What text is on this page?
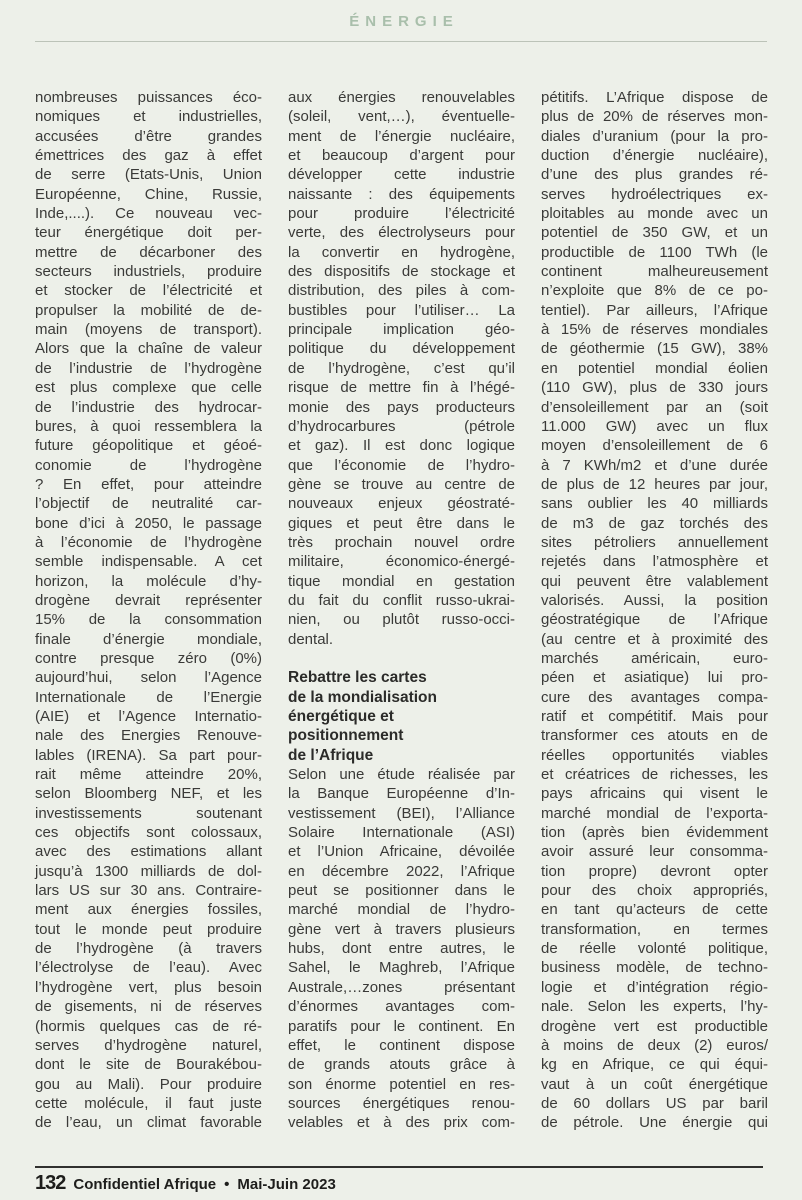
ÉNERGIE
nombreuses puissances éco-
nomiques et industrielles,
accusées d’être grandes
émettrices des gaz à effet
de serre (Etats-Unis, Union
Européenne, Chine, Russie,
Inde,....). Ce nouveau vec-
teur énergétique doit per-
mettre de décarboner des
secteurs industriels, produire
et stocker de l’électricité et
propulser la mobilité de de-
main (moyens de transport).
Alors que la chaîne de valeur
de l’industrie de l’hydrogène
est plus complexe que celle
de l’industrie des hydrocar-
bures, à quoi ressemblera la
future géopolitique et géoé-
conomie de l’hydrogène
? En effet, pour atteindre
l’objectif de neutralité car-
bone d’ici à 2050, le passage
à l’économie de l’hydrogène
semble indispensable. A cet
horizon, la molécule d’hy-
drogène devrait représenter
15% de la consommation
finale d’énergie mondiale,
contre presque zéro (0%)
aujourd’hui, selon l’Agence
Internationale de l’Energie
(AIE) et l’Agence Internatio-
nale des Energies Renouve-
lables (IRENA). Sa part pour-
rait même atteindre 20%,
selon Bloomberg NEF, et les
investissements soutenant
ces objectifs sont colossaux,
avec des estimations allant
jusqu’à 1300 milliards de dol-
lars US sur 30 ans. Contraire-
ment aux énergies fossiles,
tout le monde peut produire
de l’hydrogène (à travers
l’électrolyse de l’eau). Avec
l’hydrogène vert, plus besoin
de gisements, ni de réserves
(hormis quelques cas de ré-
serves d’hydrogène naturel,
dont le site de Bourakébou-
gou au Mali). Pour produire
cette molécule, il faut juste
de l’eau, un climat favorable
aux énergies renouvelables
(soleil, vent,…), éventuelle-
ment de l’énergie nucléaire,
et beaucoup d’argent pour
développer cette industrie
naissante : des équipements
pour produire l’électricité
verte, des électrolyseurs pour
la convertir en hydrogène,
des dispositifs de stockage et
distribution, des piles à com-
bustibles pour l’utiliser… La
principale implication géo-
politique du développement
de l’hydrogène, c’est qu’il
risque de mettre fin à l’hégé-
monie des pays producteurs
d’hydrocarbures (pétrole
et gaz). Il est donc logique
que l’économie de l’hydro-
gène se trouve au centre de
nouveaux enjeux géostraté-
giques et peut être dans le
très prochain nouvel ordre
militaire, économico-énergé-
tique mondial en gestation
du fait du conflit russo-ukrai-
nien, ou plutôt russo-occi-
dental.
Rebattre les cartes
de la mondialisation
énergétique et
positionnement
de l’Afrique
Selon une étude réalisée par
la Banque Européenne d’In-
vestissement (BEI), l’Alliance
Solaire Internationale (ASI)
et l’Union Africaine, dévoilée
en décembre 2022, l’Afrique
peut se positionner dans le
marché mondial de l’hydro-
gène vert à travers plusieurs
hubs, dont entre autres, le
Sahel, le Maghreb, l’Afrique
Australe,…zones présentant
d’énormes avantages com-
paratifs pour le continent. En
effet, le continent dispose
de grands atouts grâce à
son énorme potentiel en res-
sources énergétiques renou-
velables et à des prix com-
pétitifs. L’Afrique dispose de
plus de 20% de réserves mon-
diales d’uranium (pour la pro-
duction d’énergie nucléaire),
d’une des plus grandes ré-
serves hydroélectriques ex-
ploitables au monde avec un
potentiel de 350 GW, et un
productible de 1100 TWh (le
continent malheureusement
n’exploite que 8% de ce po-
tentiel). Par ailleurs, l’Afrique
à 15% de réserves mondiales
de géothermie (15 GW), 38%
en potentiel mondial éolien
(110 GW), plus de 330 jours
d’ensoleillement par an (soit
11.000 GW) avec un flux
moyen d’ensoleillement de 6
à 7 KWh/m2 et d’une durée
de plus de 12 heures par jour,
sans oublier les 40 milliards
de m3 de gaz torchés des
sites pétroliers annuellement
rejetés dans l’atmosphère et
qui peuvent être valablement
valorisés. Aussi, la position
géostratégique de l’Afrique
(au centre et à proximité des
marchés américain, euro-
péen et asiatique) lui pro-
cure des avantages compa-
ratif et compétitif. Mais pour
transformer ces atouts en de
réelles opportunités viables
et créatrices de richesses, les
pays africains qui visent le
marché mondial de l’exporta-
tion (après bien évidemment
avoir assuré leur consomma-
tion propre) devront opter
pour des choix appropriés,
en tant qu’acteurs de cette
transformation, en termes
de réelle volonté politique,
business modèle, de techno-
logie et d’intégration régio-
nale. Selon les experts, l’hy-
drogène vert est productible
à moins de deux (2) euros/
kg en Afrique, ce qui équi-
vaut à un coût énergétique
de 60 dollars US par baril
de pétrole. Une énergie qui
132 Confidentiel Afrique • Mai-Juin 2023
